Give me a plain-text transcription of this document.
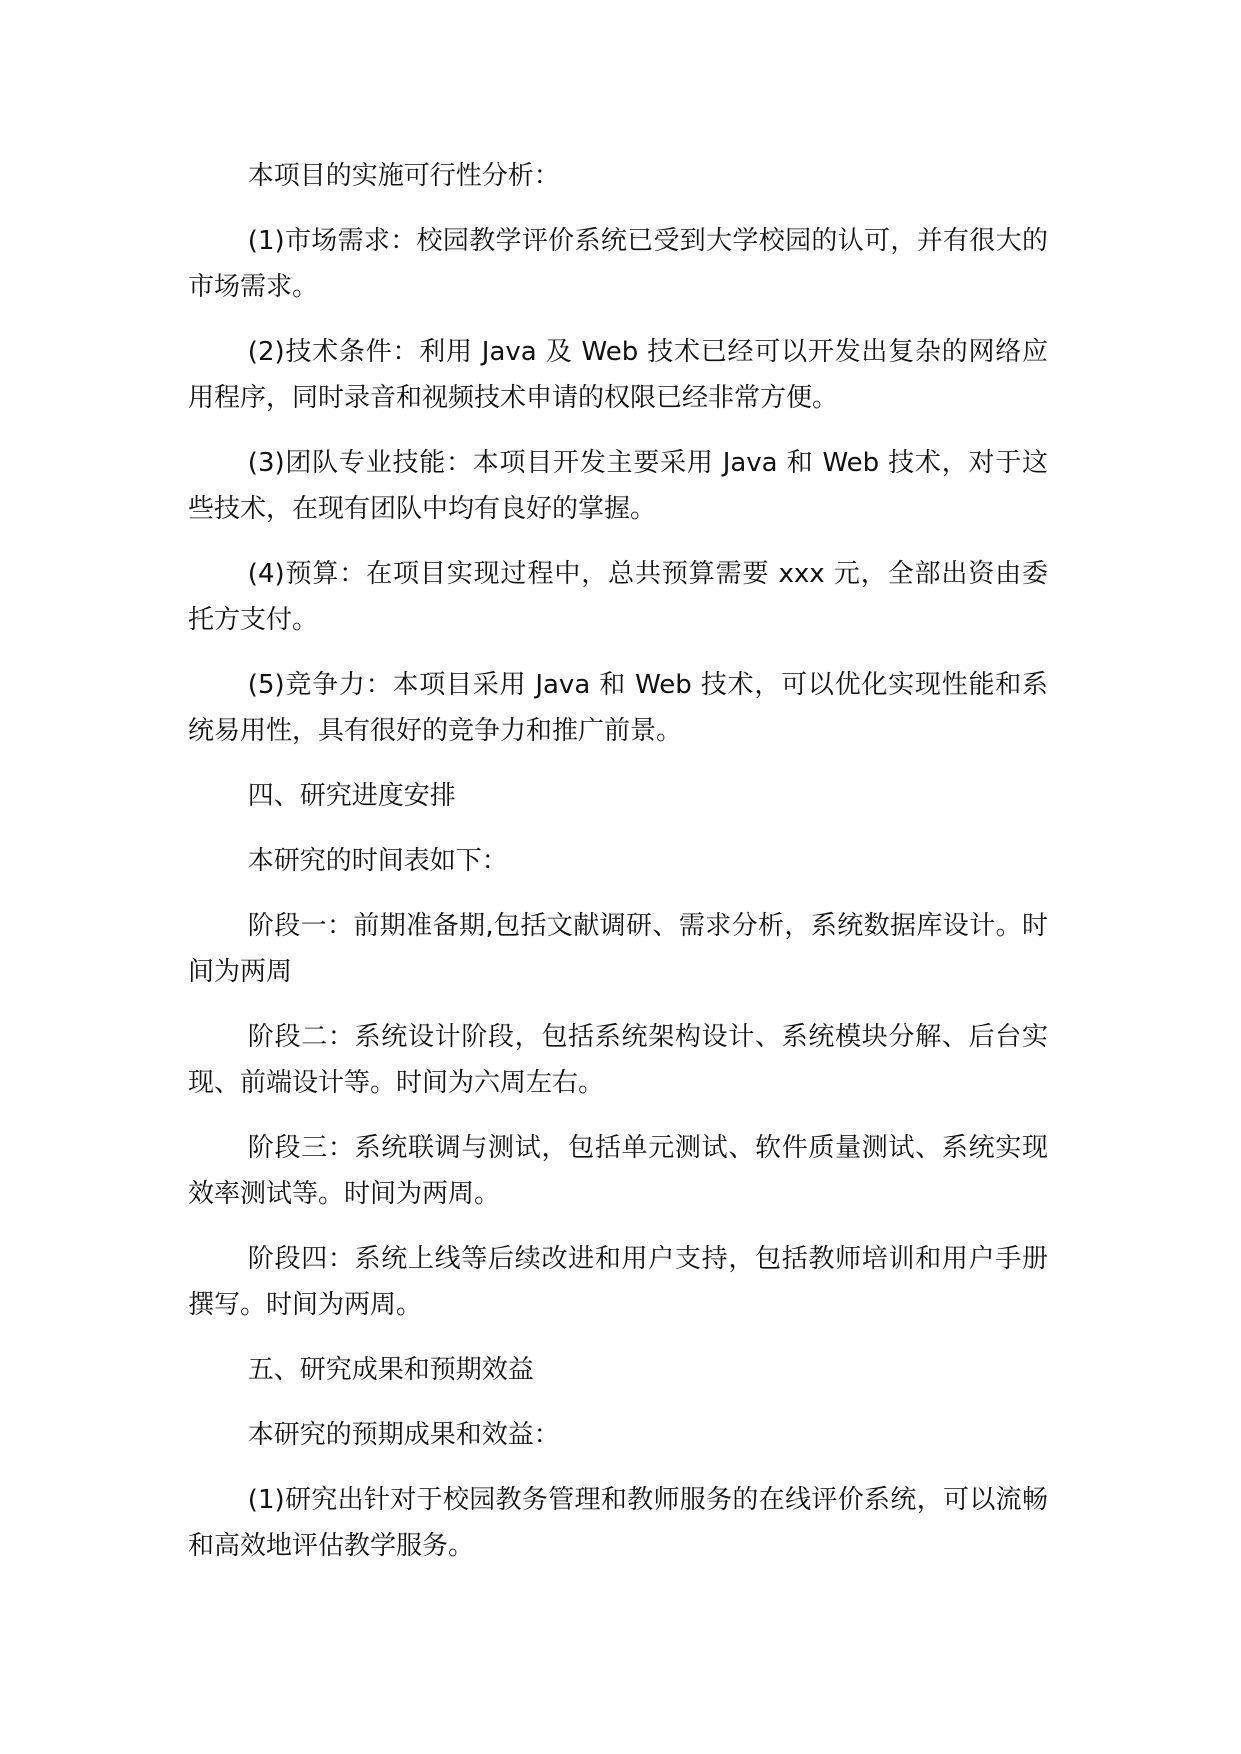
本项目的实施可行性分析：

(1)市场需求：校园教学评价系统已受到大学校园的认可，并有很大的市场需求。

(2)技术条件：利用 Java 及 Web 技术已经可以开发出复杂的网络应用程序，同时录音和视频技术申请的权限已经非常方便。

(3)团队专业技能：本项目开发主要采用 Java 和 Web 技术，对于这些技术，在现有团队中均有良好的掌握。

(4)预算：在项目实现过程中，总共预算需要 xxx 元，全部出资由委托方支付。

(5)竞争力：本项目采用 Java 和 Web 技术，可以优化实现性能和系统易用性，具有很好的竞争力和推广前景。

四、研究进度安排

本研究的时间表如下：

阶段一：前期准备期,包括文献调研、需求分析，系统数据库设计。时间为两周

阶段二：系统设计阶段，包括系统架构设计、系统模块分解、后台实现、前端设计等。时间为六周左右。

阶段三：系统联调与测试，包括单元测试、软件质量测试、系统实现效率测试等。时间为两周。

阶段四：系统上线等后续改进和用户支持，包括教师培训和用户手册撰写。时间为两周。

五、研究成果和预期效益

本研究的预期成果和效益：

(1)研究出针对于校园教务管理和教师服务的在线评价系统，可以流畅和高效地评估教学服务。
